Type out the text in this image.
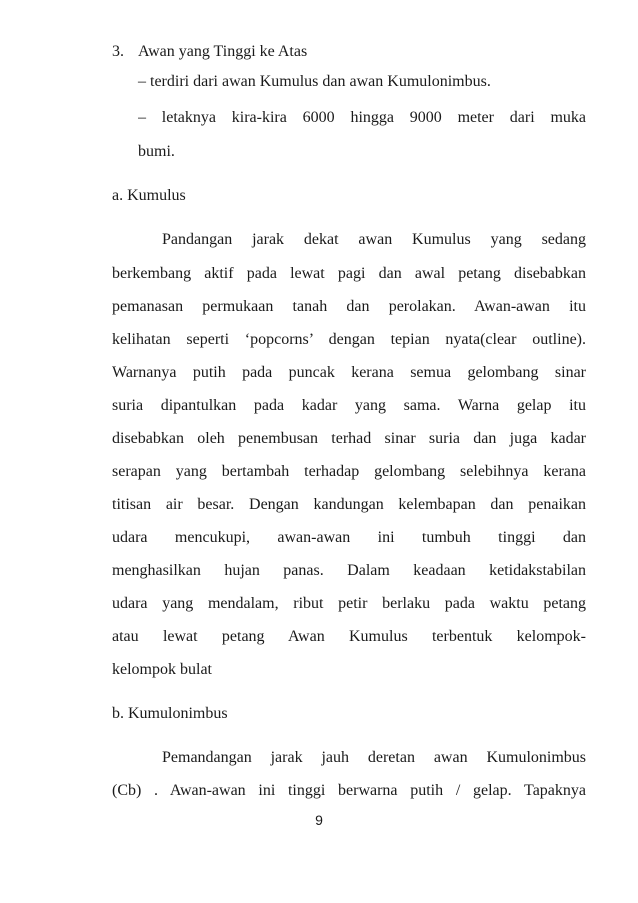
3. Awan yang Tinggi ke Atas
– terdiri dari awan Kumulus dan awan Kumulonimbus.
– letaknya kira-kira 6000 hingga 9000 meter dari muka
bumi.
a. Kumulus
Pandangan jarak dekat awan Kumulus yang sedang
berkembang aktif pada lewat pagi dan awal petang disebabkan
pemanasan permukaan tanah dan perolakan. Awan-awan itu
kelihatan seperti ‘popcorns’ dengan tepian nyata(clear outline).
Warnanya putih pada puncak kerana semua gelombang sinar
suria dipantulkan pada kadar yang sama. Warna gelap itu
disebabkan oleh penembusan terhad sinar suria dan juga kadar
serapan yang bertambah terhadap gelombang selebihnya kerana
titisan air besar. Dengan kandungan kelembapan dan penaikan
udara mencukupi, awan-awan ini tumbuh tinggi dan
menghasilkan hujan panas. Dalam keadaan ketidakstabilan
udara yang mendalam, ribut petir berlaku pada waktu petang
atau lewat petang Awan Kumulus terbentuk kelompok-
kelompok bulat
b. Kumulonimbus
Pemandangan jarak jauh deretan awan Kumulonimbus
(Cb) . Awan-awan ini tinggi berwarna putih / gelap. Tapaknya
9
